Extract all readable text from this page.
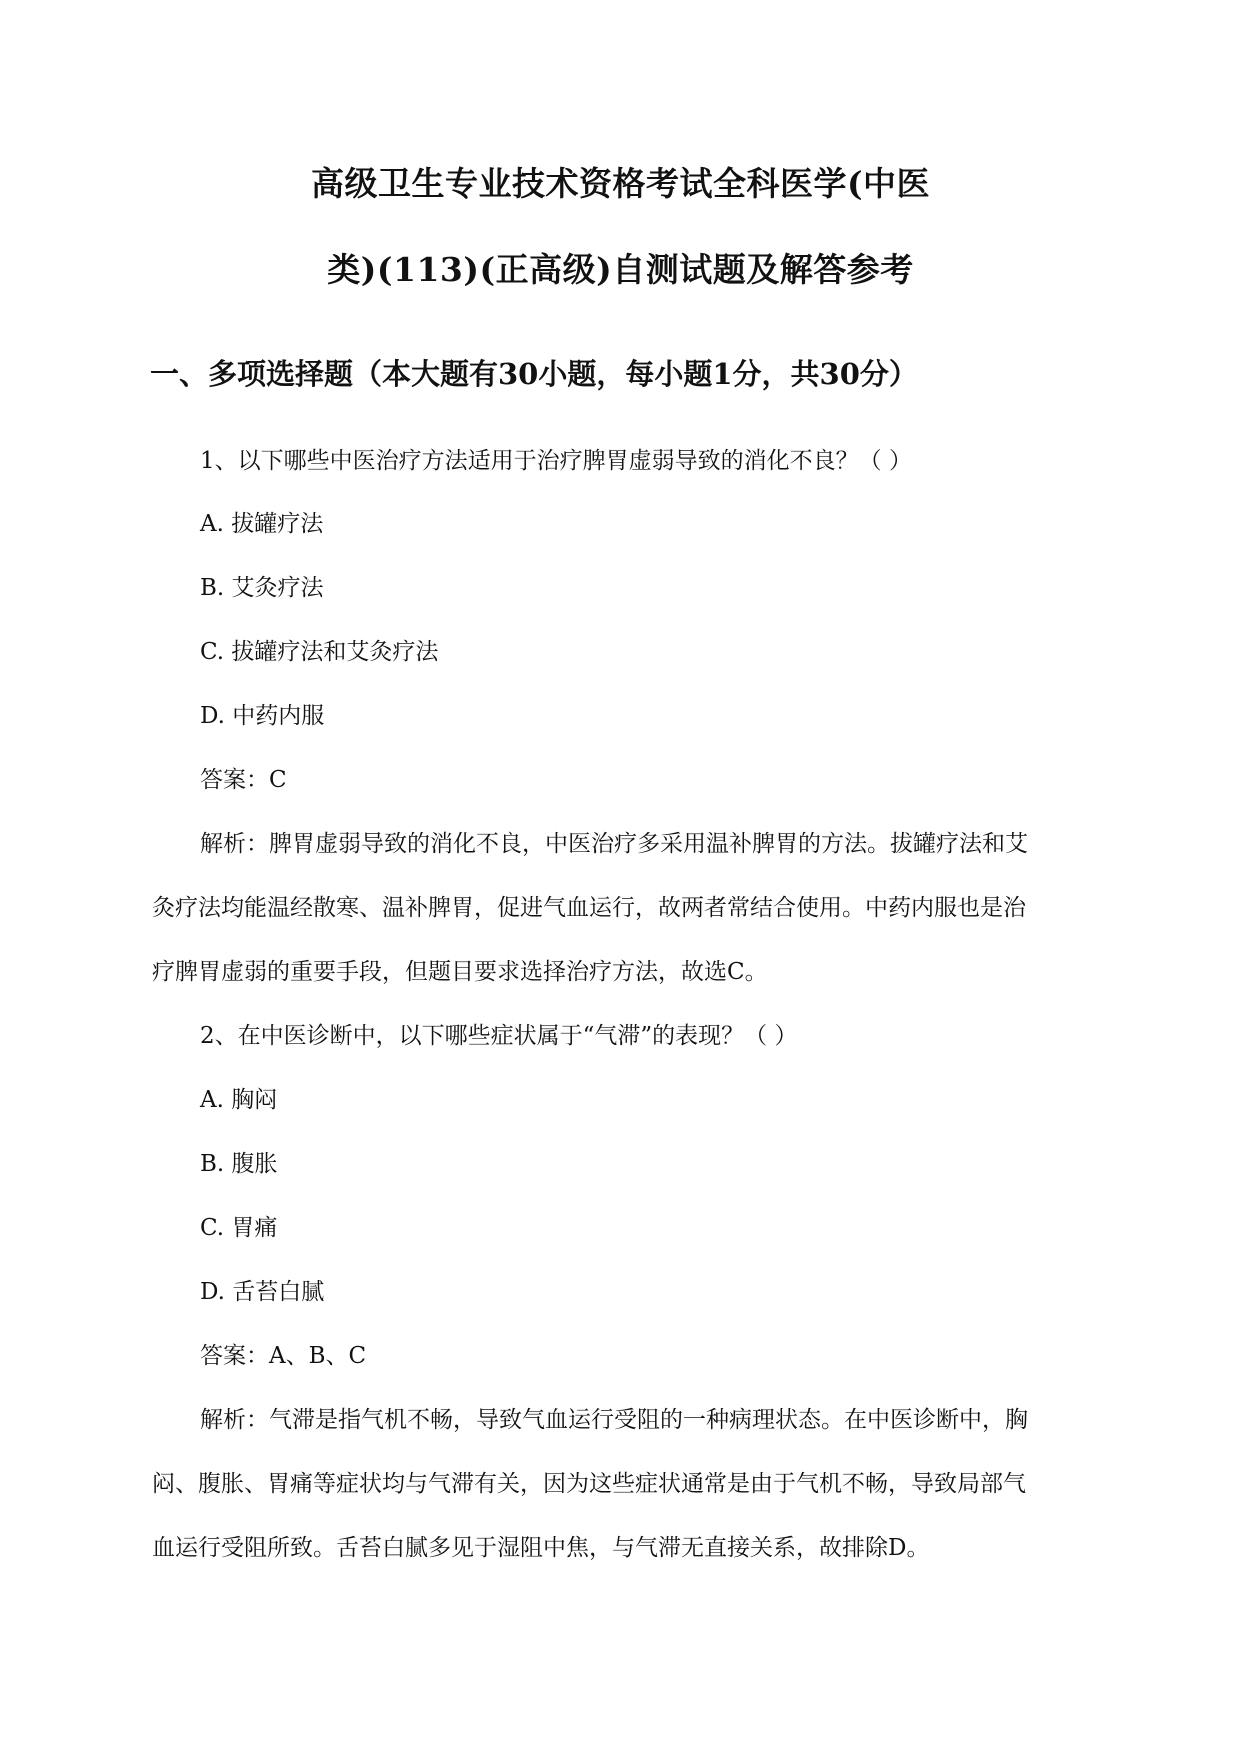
高级卫生专业技术资格考试全科医学(中医
类)(113)(正高级)自测试题及解答参考
一、多项选择题（本大题有30小题，每小题1分，共30分）
1、以下哪些中医治疗方法适用于治疗脾胃虚弱导致的消化不良？（ ）
A. 拔罐疗法
B. 艾灸疗法
C. 拔罐疗法和艾灸疗法
D. 中药内服
答案：C
解析：脾胃虚弱导致的消化不良，中医治疗多采用温补脾胃的方法。拔罐疗法和艾
灸疗法均能温经散寒、温补脾胃，促进气血运行，故两者常结合使用。中药内服也是治
疗脾胃虚弱的重要手段，但题目要求选择治疗方法，故选C。
2、在中医诊断中，以下哪些症状属于“气滞”的表现？（ ）
A. 胸闷
B. 腹胀
C. 胃痛
D. 舌苔白腻
答案：A、B、C
解析：气滞是指气机不畅，导致气血运行受阻的一种病理状态。在中医诊断中，胸
闷、腹胀、胃痛等症状均与气滞有关，因为这些症状通常是由于气机不畅，导致局部气
血运行受阻所致。舌苔白腻多见于湿阻中焦，与气滞无直接关系，故排除D。
